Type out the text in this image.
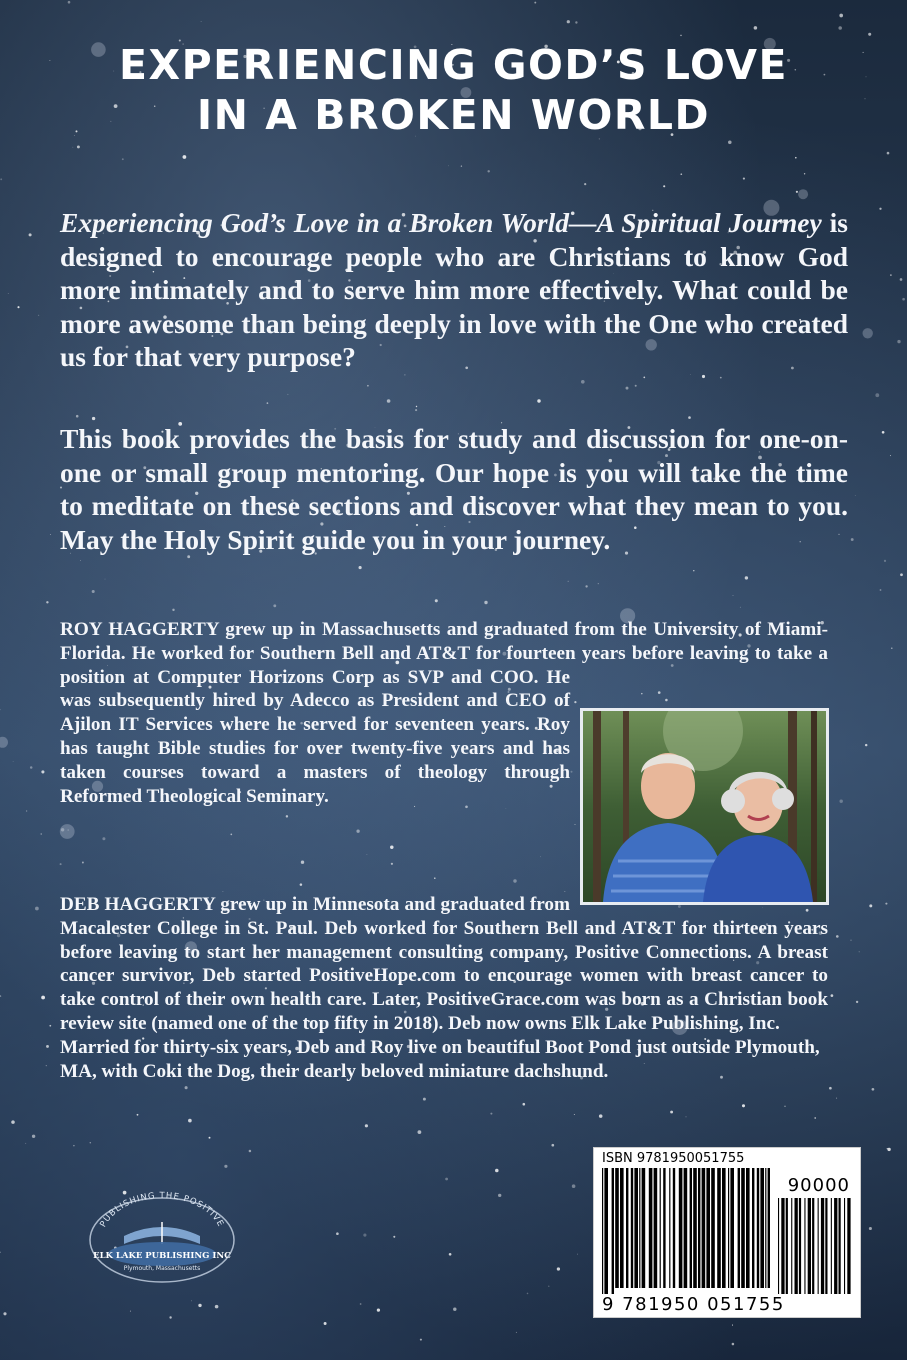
EXPERIENCING GOD’S LOVE
IN A BROKEN WORLD

Experiencing God’s Love in a Broken World—A Spiritual Journey is designed to encourage people who are Christians to know God more intimately and to serve him more effectively. What could be more awesome than being deeply in love with the One who created us for that very purpose?

This book provides the basis for study and discussion for one-on-one or small group mentoring. Our hope is you will take the time to meditate on these sections and discover what they mean to you. May the Holy Spirit guide you in your journey.

ROY HAGGERTY grew up in Massachusetts and graduated from the University of Miami-Florida. He worked for Southern Bell and AT&T for fourteen years before leaving to take a position at Computer Horizons Corp as SVP and COO. He was subsequently hired by Adecco as President and CEO of Ajilon IT Services where he served for seventeen years. Roy has taught Bible studies for over twenty-five years and has taken courses toward a masters of theology through Reformed Theological Seminary.

DEB HAGGERTY grew up in Minnesota and graduated from Macalester College in St. Paul. Deb worked for Southern Bell and AT&T for thirteen years before leaving to start her management consulting company, Positive Connections. A breast cancer survivor, Deb started PositiveHope.com to encourage women with breast cancer to take control of their own health care. Later, PositiveGrace.com was born as a Christian book review site (named one of the top fifty in 2018). Deb now owns Elk Lake Publishing, Inc.
Married for thirty-six years, Deb and Roy live on beautiful Boot Pond just outside Plymouth, MA, with Coki the Dog, their dearly beloved miniature dachshund.
PUBLISHING THE POSITIVE
ELK LAKE PUBLISHING INC
Plymouth, Massachusetts
ISBN 9781950051755
90000
9 781950 051755
